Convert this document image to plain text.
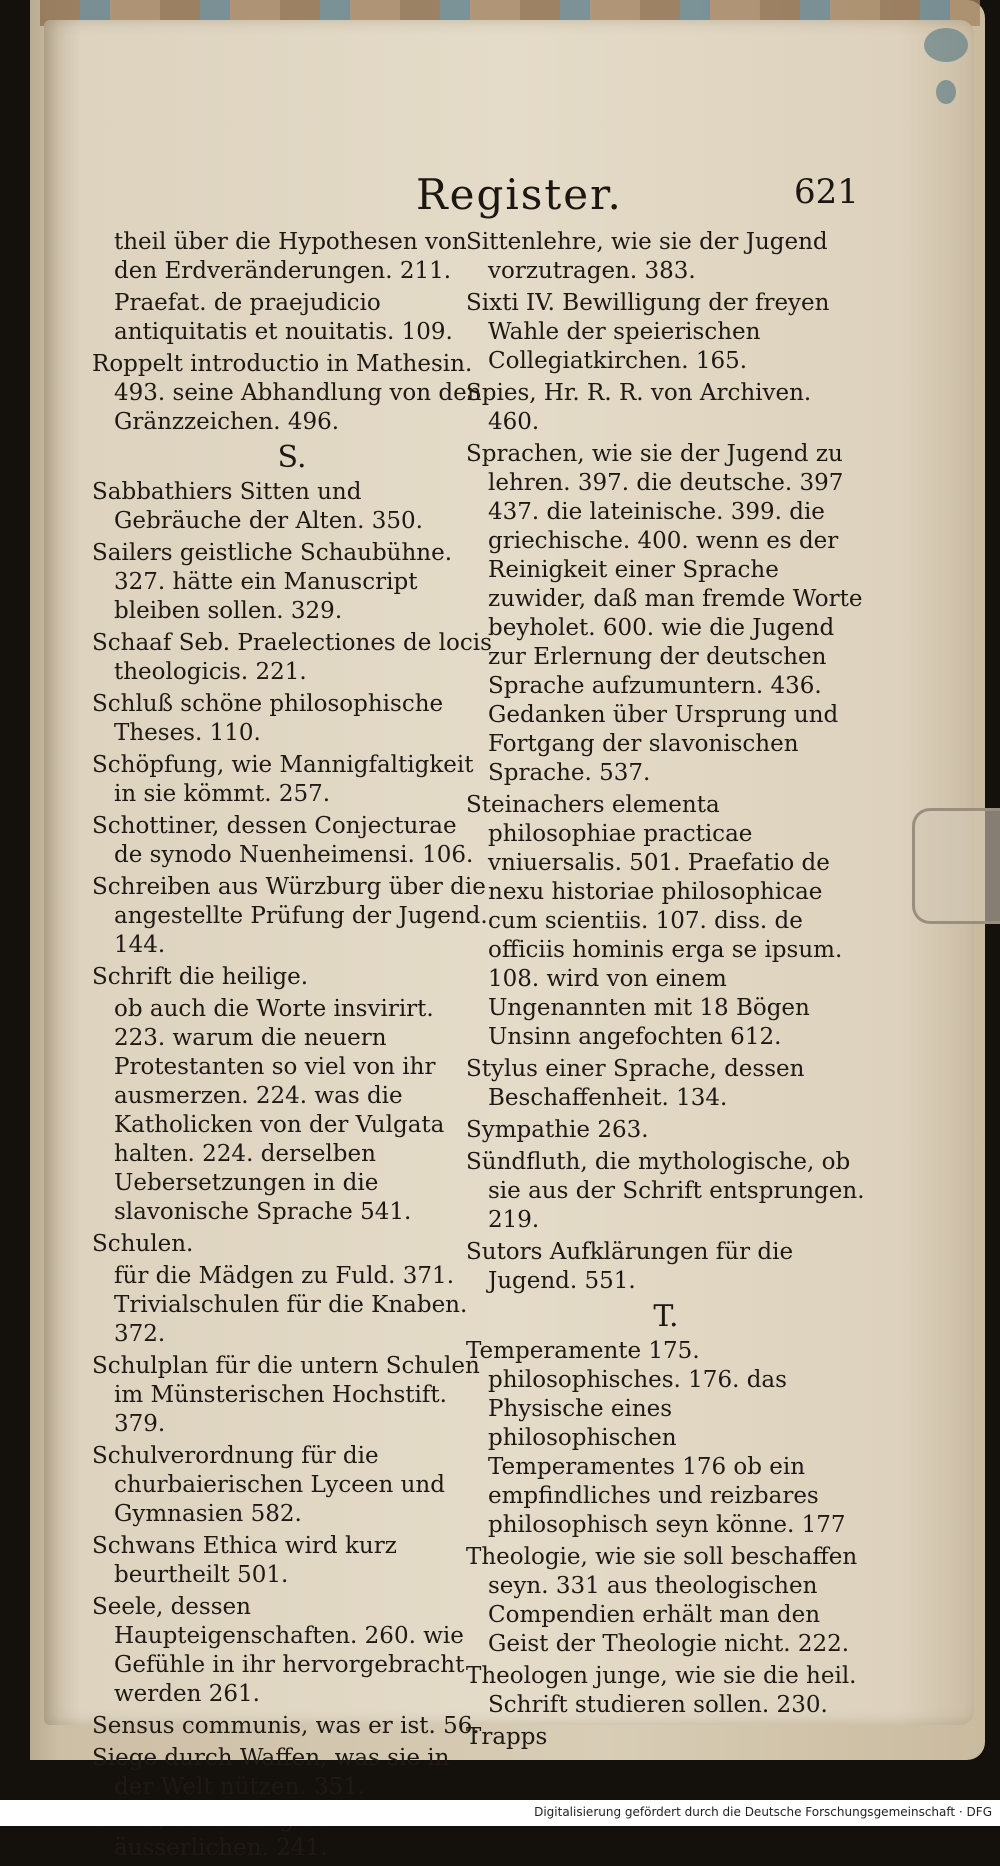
Register.	621
theil über die Hypothesen von den Erdveränderungen. 211.
Praefat. de praejudicio antiquitatis et nouitatis. 109.
Roppelt introductio in Mathesin. 493. seine Abhandlung von den Gränzzeichen. 496.
S.
Sabbathiers Sitten und Gebräuche der Alten. 350.
Sailers geistliche Schaubühne. 327. hätte ein Manuscript bleiben sollen. 329.
Schaaf Seb. Praelectiones de locis theologicis. 221.
Schluß schöne philosophische Theses. 110.
Schöpfung, wie Mannigfaltigkeit in sie kömmt. 257.
Schottiner, dessen Conjecturae de synodo Nuenheimensi. 106.
Schreiben aus Würzburg über die angestellte Prüfung der Jugend. 144.
Schrift die heilige.
ob auch die Worte insvirirt. 223. warum die neuern Protestanten so viel von ihr ausmerzen. 224. was die Katholicken von der Vulgata halten. 224. derselben Uebersetzungen in die slavonische Sprache 541.
Schulen.
für die Mädgen zu Fuld. 371. Trivialschulen für die Knaben. 372.
Schulplan für die untern Schulen im Münsterischen Hochstift. 379.
Schulverordnung für die churbaierischen Lyceen und Gymnasien 582.
Schwans Ethica wird kurz beurtheilt 501.
Seele, dessen Haupteigenschaften. 260. wie Gefühle in ihr hervorgebracht werden 261.
Sensus communis, was er ist. 56.
Siege durch Waffen, was sie in der Welt nützen. 351.
äusserlichen. 241.
Sittenlehre, wie sie der Jugend vorzutragen. 383.
Sixti IV. Bewilligung der freyen Wahle der speierischen Collegiatkirchen. 165.
Spies, Hr. R. R. von Archiven. 460.
Sprachen, wie sie der Jugend zu lehren. 397. die deutsche. 397 437. die lateinische. 399. die griechische. 400. wenn es der Reinigkeit einer Sprache zuwider, daß man fremde Worte beyholet. 600. wie die Jugend zur Erlernung der deutschen Sprache aufzumuntern. 436. Gedanken über Ursprung und Fortgang der slavonischen Sprache. 537.
Steinachers elementa philosophiae practicae vniuersalis. 501. Praefatio de nexu historiae philosophicae cum scientiis. 107. diss. de officiis hominis erga se ipsum. 108. wird von einem Ungenannten mit 18 Bögen Unsinn angefochten 612.
Stylus einer Sprache, dessen Beschaffenheit. 134.
Sympathie 263.
Sündfluth, die mythologische, ob sie aus der Schrift entsprungen. 219.
Sutors Aufklärungen für die Jugend. 551.
T.
Temperamente 175. philosophisches. 176. das Physische eines philosophischen Temperamentes 176 ob ein empfindliches und reizbares philosophisch seyn könne. 177
Theologie, wie sie soll beschaffen seyn. 331 aus theologischen Compendien erhält man den Geist der Theologie nicht. 222.
Theologen junge, wie sie die heil. Schrift studieren sollen. 230.
Trapps
Digitalisierung gefördert durch die Deutsche Forschungsgemeinschaft · DFG
